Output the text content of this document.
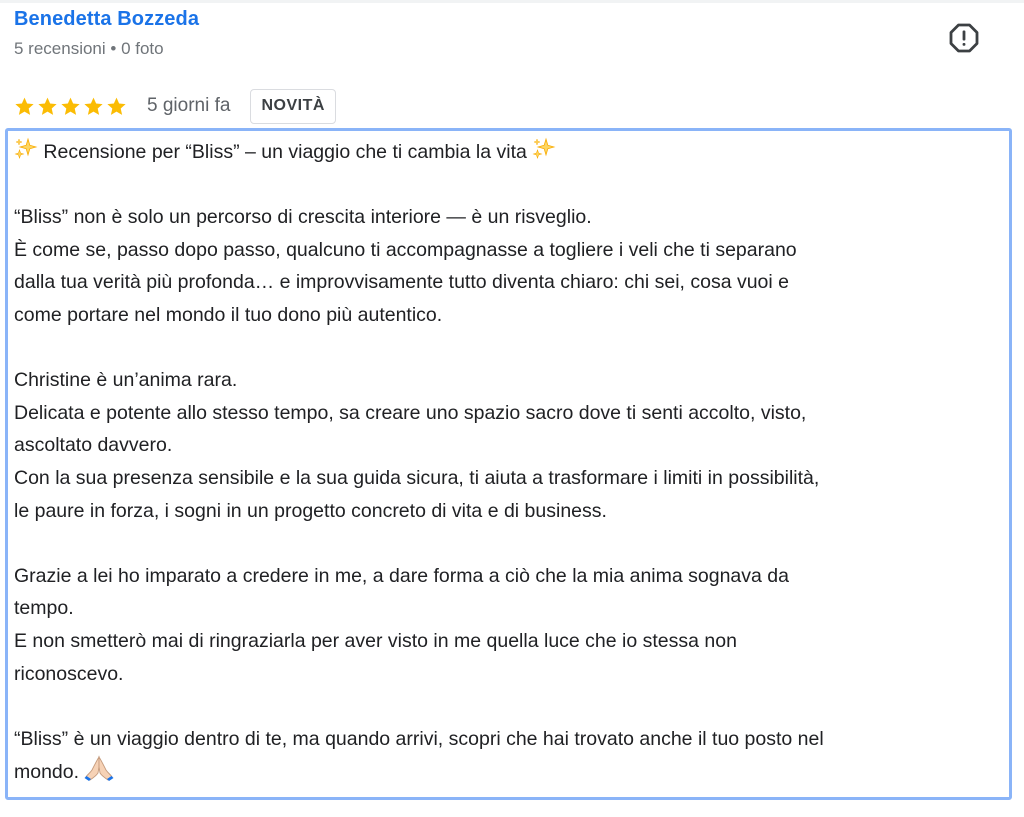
Benedetta Bozzeda
5 recensioni • 0 foto
5 giorni fa	NOVITÀ

Recensione per “Bliss” – un viaggio che ti cambia la vita

“Bliss” non è solo un percorso di crescita interiore — è un risveglio.

È come se, passo dopo passo, qualcuno ti accompagnasse a togliere i veli che ti separano

dalla tua verità più profonda… e improvvisamente tutto diventa chiaro: chi sei, cosa vuoi e

come portare nel mondo il tuo dono più autentico.

Christine è un’anima rara.

Delicata e potente allo stesso tempo, sa creare uno spazio sacro dove ti senti accolto, visto,

ascoltato davvero.

Con la sua presenza sensibile e la sua guida sicura, ti aiuta a trasformare i limiti in possibilità,

le paure in forza, i sogni in un progetto concreto di vita e di business.

Grazie a lei ho imparato a credere in me, a dare forma a ciò che la mia anima sognava da

tempo.

E non smetterò mai di ringraziarla per aver visto in me quella luce che io stessa non

riconoscevo.

“Bliss” è un viaggio dentro di te, ma quando arrivi, scopri che hai trovato anche il tuo posto nel

mondo.
